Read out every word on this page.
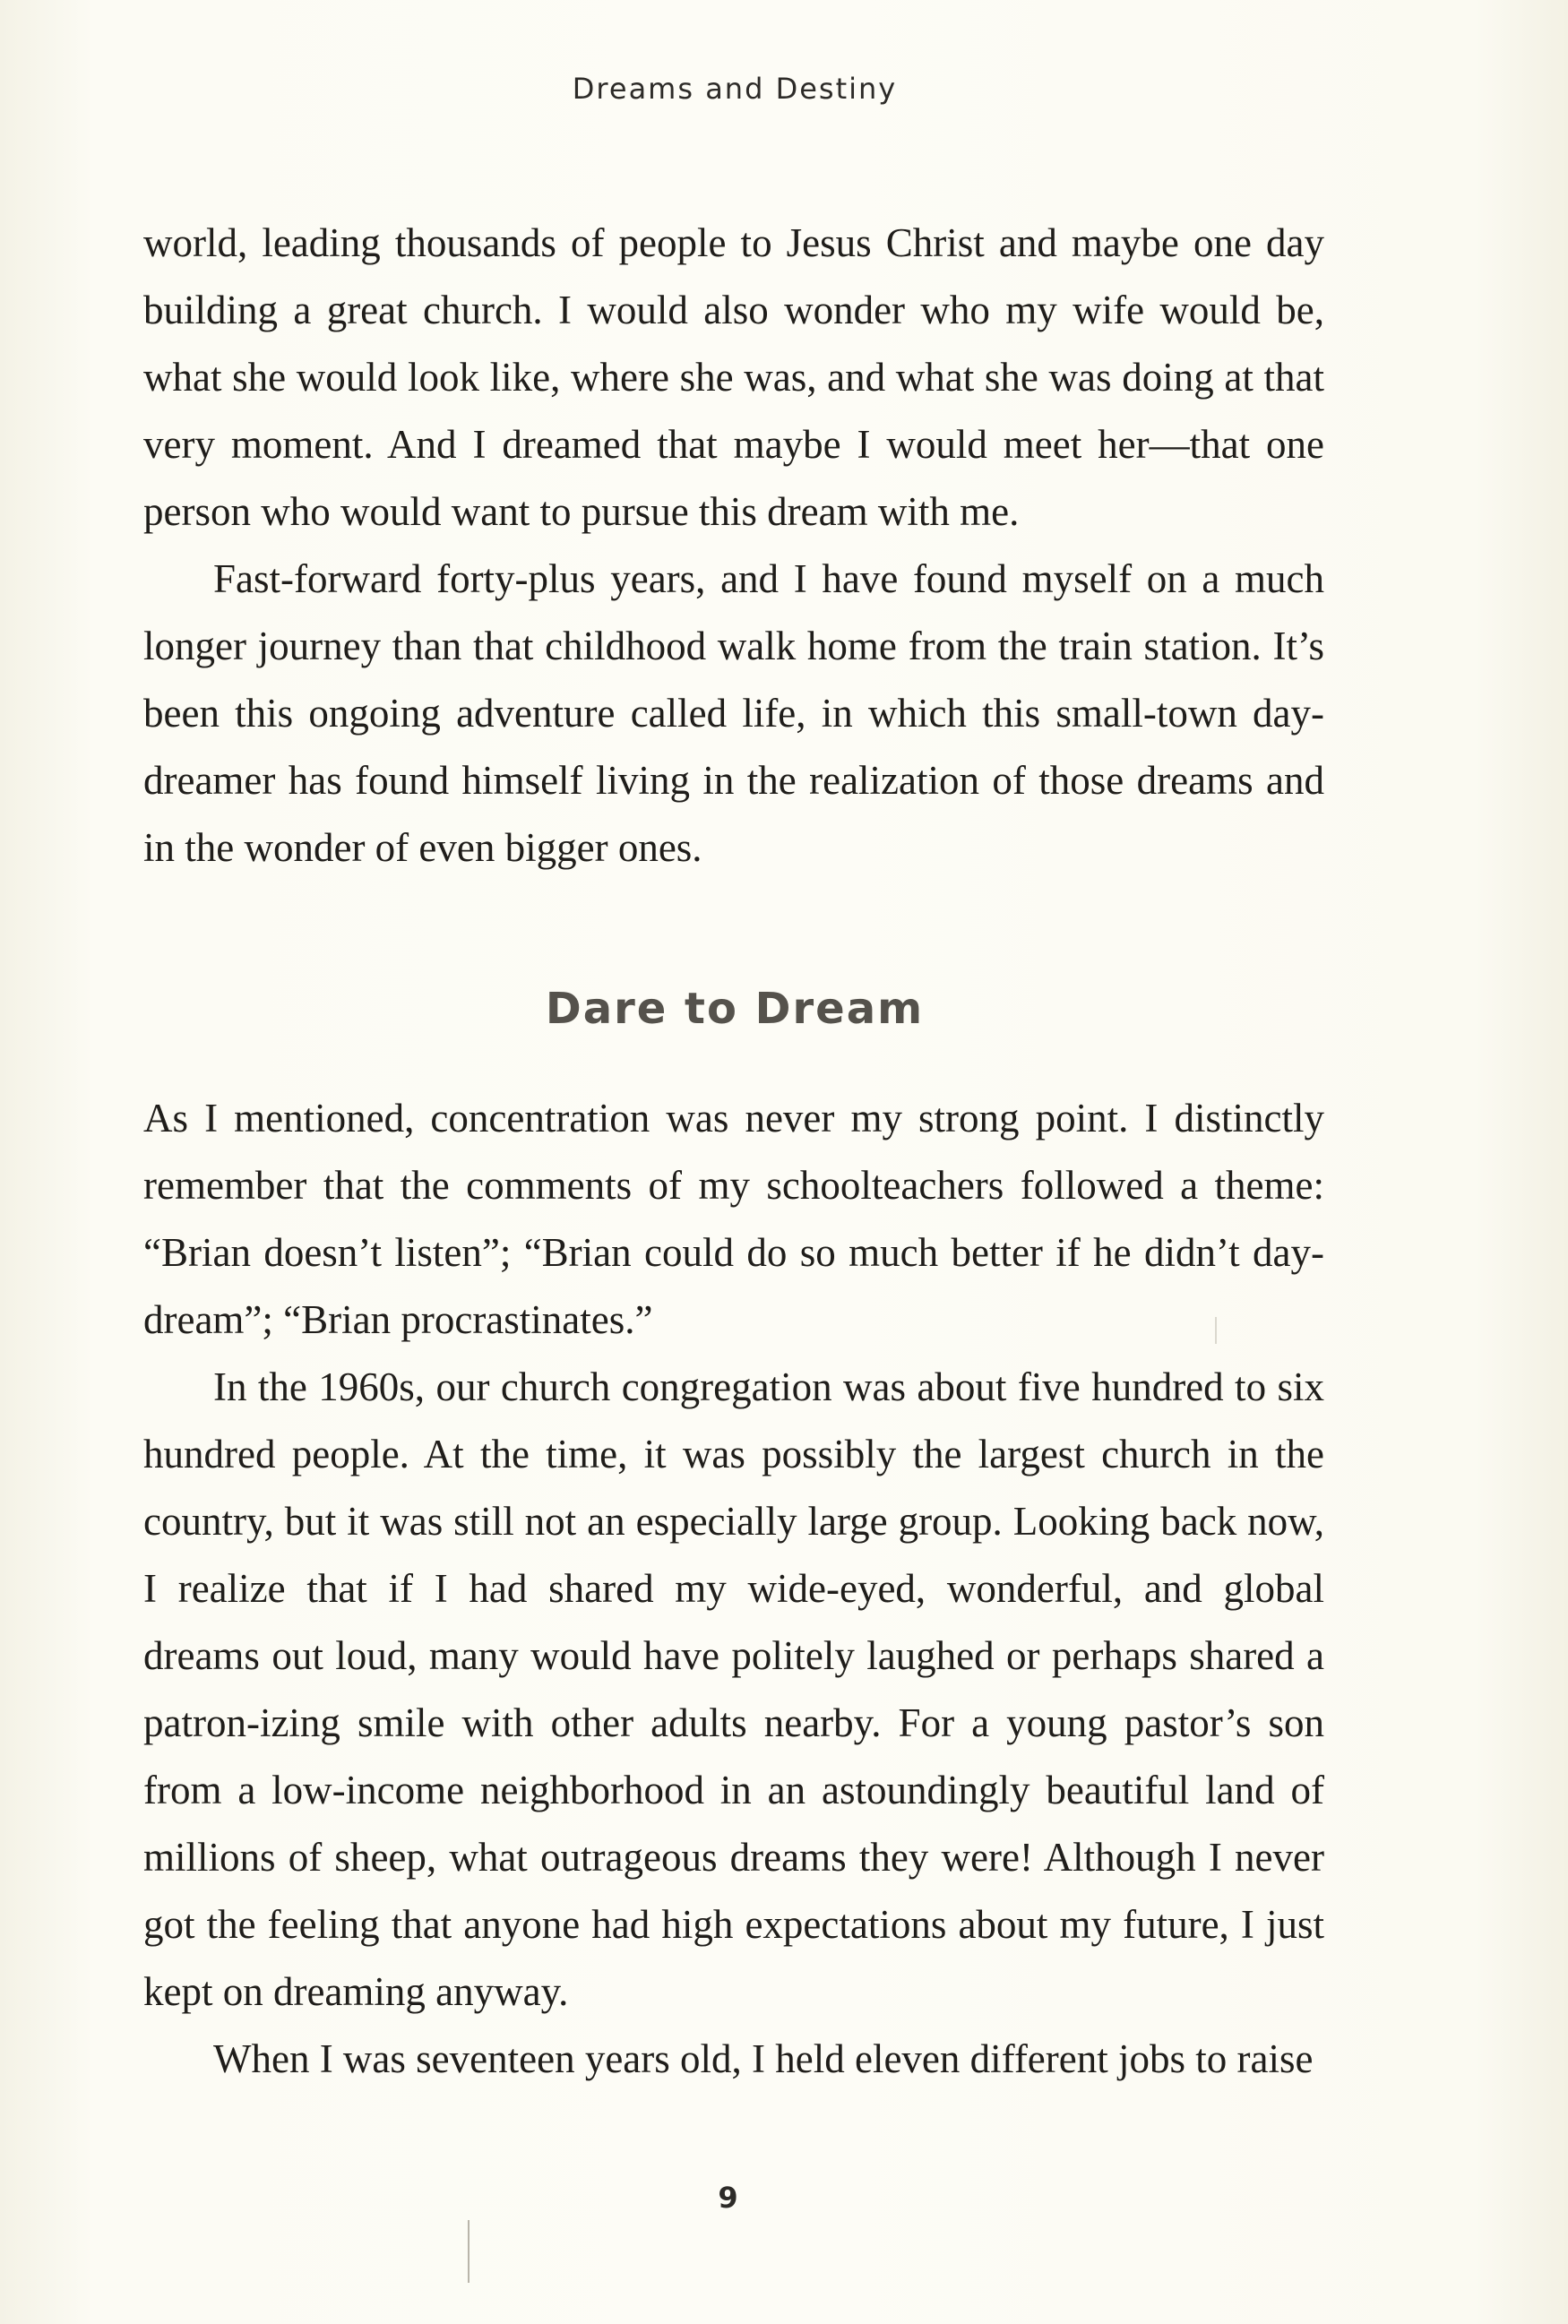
Dreams and Destiny

world, leading thousands of people to Jesus Christ and maybe one day building a great church. I would also wonder who my wife would be, what she would look like, where she was, and what she was doing at that very moment. And I dreamed that maybe I would meet her—that one person who would want to pursue this dream with me.

Fast-forward forty-plus years, and I have found myself on a much longer journey than that childhood walk home from the train station. It’s been this ongoing adventure called life, in which this small-town day-dreamer has found himself living in the realization of those dreams and in the wonder of even bigger ones.

Dare to Dream

As I mentioned, concentration was never my strong point. I distinctly remember that the comments of my schoolteachers followed a theme: “Brian doesn’t listen”; “Brian could do so much better if he didn’t day-dream”; “Brian procrastinates.”

In the 1960s, our church congregation was about five hundred to six hundred people. At the time, it was possibly the largest church in the country, but it was still not an especially large group. Looking back now, I realize that if I had shared my wide-eyed, wonderful, and global dreams out loud, many would have politely laughed or perhaps shared a patron-izing smile with other adults nearby. For a young pastor’s son from a low-income neighborhood in an astoundingly beautiful land of millions of sheep, what outrageous dreams they were! Although I never got the feeling that anyone had high expectations about my future, I just kept on dreaming anyway.

When I was seventeen years old, I held eleven different jobs to raise

9
